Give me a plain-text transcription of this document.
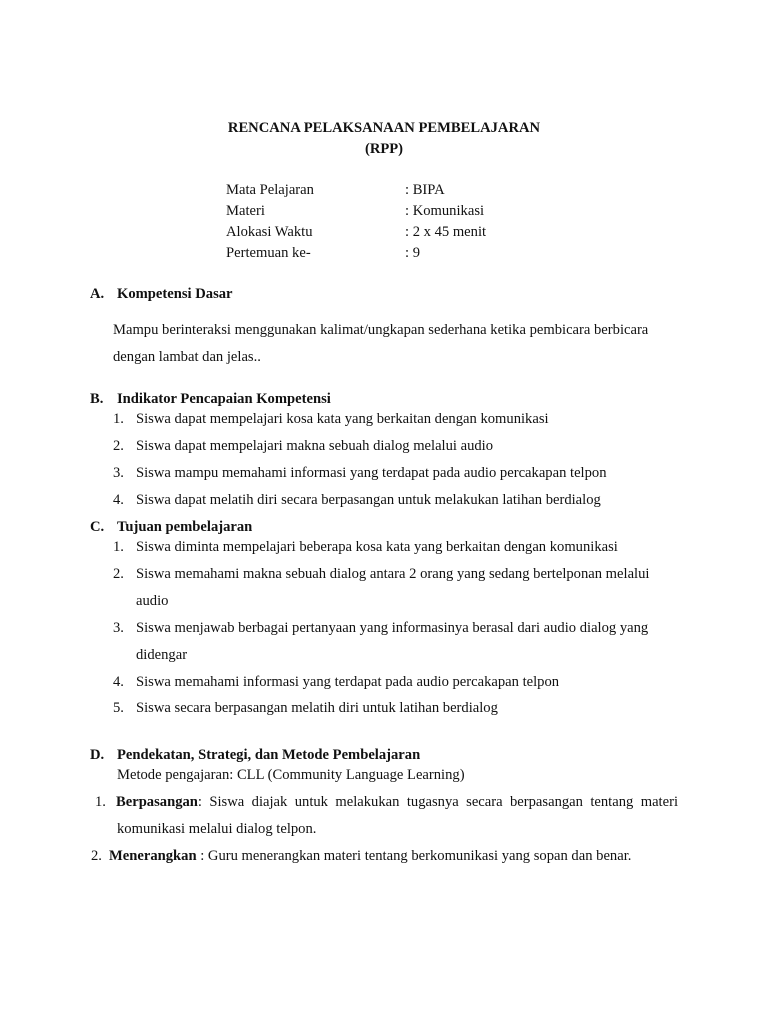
RENCANA PELAKSANAAN PEMBELAJARAN
(RPP)
Mata Pelajaran	: BIPA
Materi	: Komunikasi
Alokasi Waktu	: 2 x 45 menit
Pertemuan ke-	: 9
A. Kompetensi Dasar
Mampu berinteraksi menggunakan kalimat/ungkapan sederhana ketika pembicara berbicara
dengan lambat dan jelas..
B. Indikator Pencapaian Kompetensi
1. Siswa dapat mempelajari kosa kata yang berkaitan dengan komunikasi
2. Siswa dapat mempelajari makna sebuah dialog melalui audio
3. Siswa mampu memahami informasi yang terdapat pada audio percakapan telpon
4. Siswa dapat melatih diri secara berpasangan untuk melakukan latihan berdialog
C. Tujuan pembelajaran
1. Siswa diminta mempelajari beberapa kosa kata yang berkaitan dengan komunikasi
2. Siswa memahami makna sebuah dialog antara 2 orang yang sedang bertelponan melalui
audio
3. Siswa menjawab berbagai pertanyaan yang informasinya berasal dari audio dialog yang
didengar
4. Siswa memahami informasi yang terdapat pada audio percakapan telpon
5. Siswa secara berpasangan melatih diri untuk latihan berdialog
D. Pendekatan, Strategi, dan Metode Pembelajaran
Metode pengajaran: CLL (Community Language Learning)
1. Berpasangan: Siswa diajak untuk melakukan tugasnya secara berpasangan tentang materi
komunikasi melalui dialog telpon.
2. Menerangkan : Guru menerangkan materi tentang berkomunikasi yang sopan dan benar.
